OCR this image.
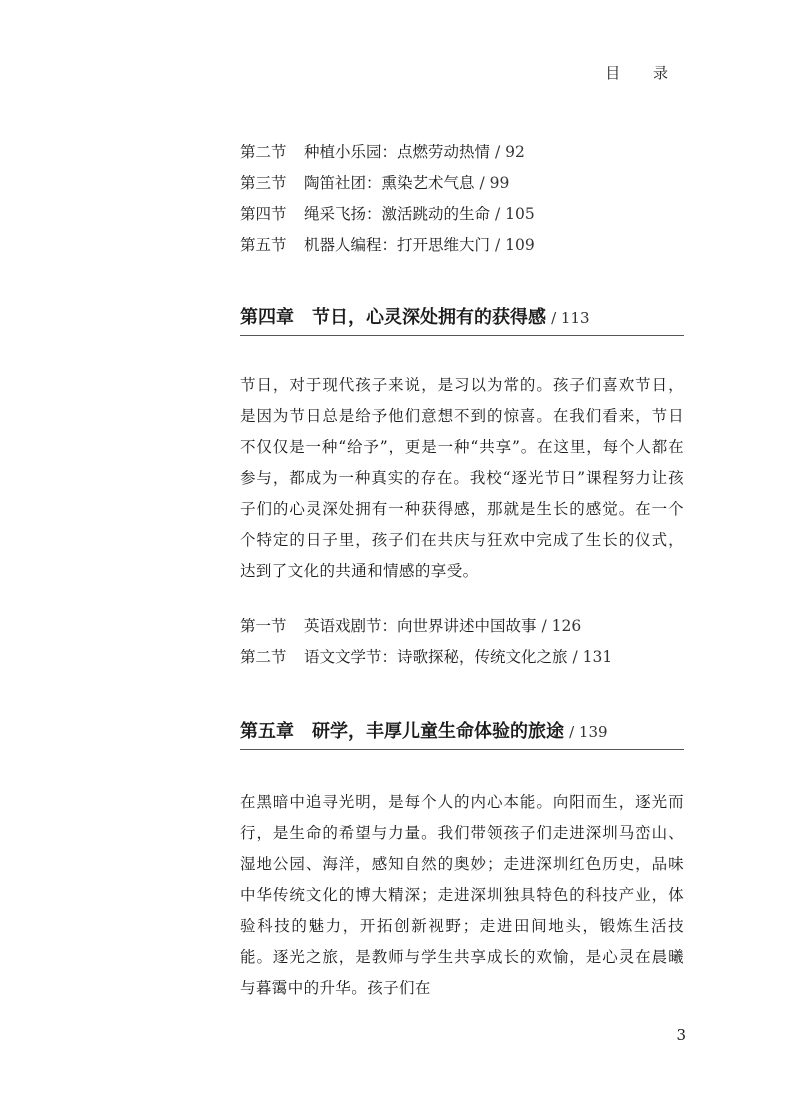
目 录
第二节 种植小乐园：点燃劳动热情 / 92
第三节 陶笛社团：熏染艺术气息 / 99
第四节 绳采飞扬：激活跳动的生命 / 105
第五节 机器人编程：打开思维大门 / 109
第四章 节日，心灵深处拥有的获得感 / 113

节日，对于现代孩子来说，是习以为常的。孩子们喜欢节日，是因为节日总是给予他们意想不到的惊喜。在我们看来，节日不仅仅是一种“给予”，更是一种“共享”。在这里，每个人都在参与，都成为一种真实的存在。我校“逐光节日”课程努力让孩子们的心灵深处拥有一种获得感，那就是生长的感觉。在一个个特定的日子里，孩子们在共庆与狂欢中完成了生长的仪式，达到了文化的共通和情感的享受。

第一节 英语戏剧节：向世界讲述中国故事 / 126
第二节 语文文学节：诗歌探秘，传统文化之旅 / 131
第五章 研学，丰厚儿童生命体验的旅途 / 139

在黑暗中追寻光明，是每个人的内心本能。向阳而生，逐光而行，是生命的希望与力量。我们带领孩子们走进深圳马峦山、湿地公园、海洋，感知自然的奥妙；走进深圳红色历史，品味中华传统文化的博大精深；走进深圳独具特色的科技产业，体验科技的魅力，开拓创新视野；走进田间地头，锻炼生活技能。逐光之旅，是教师与学生共享成长的欢愉，是心灵在晨曦与暮霭中的升华。孩子们在

3
